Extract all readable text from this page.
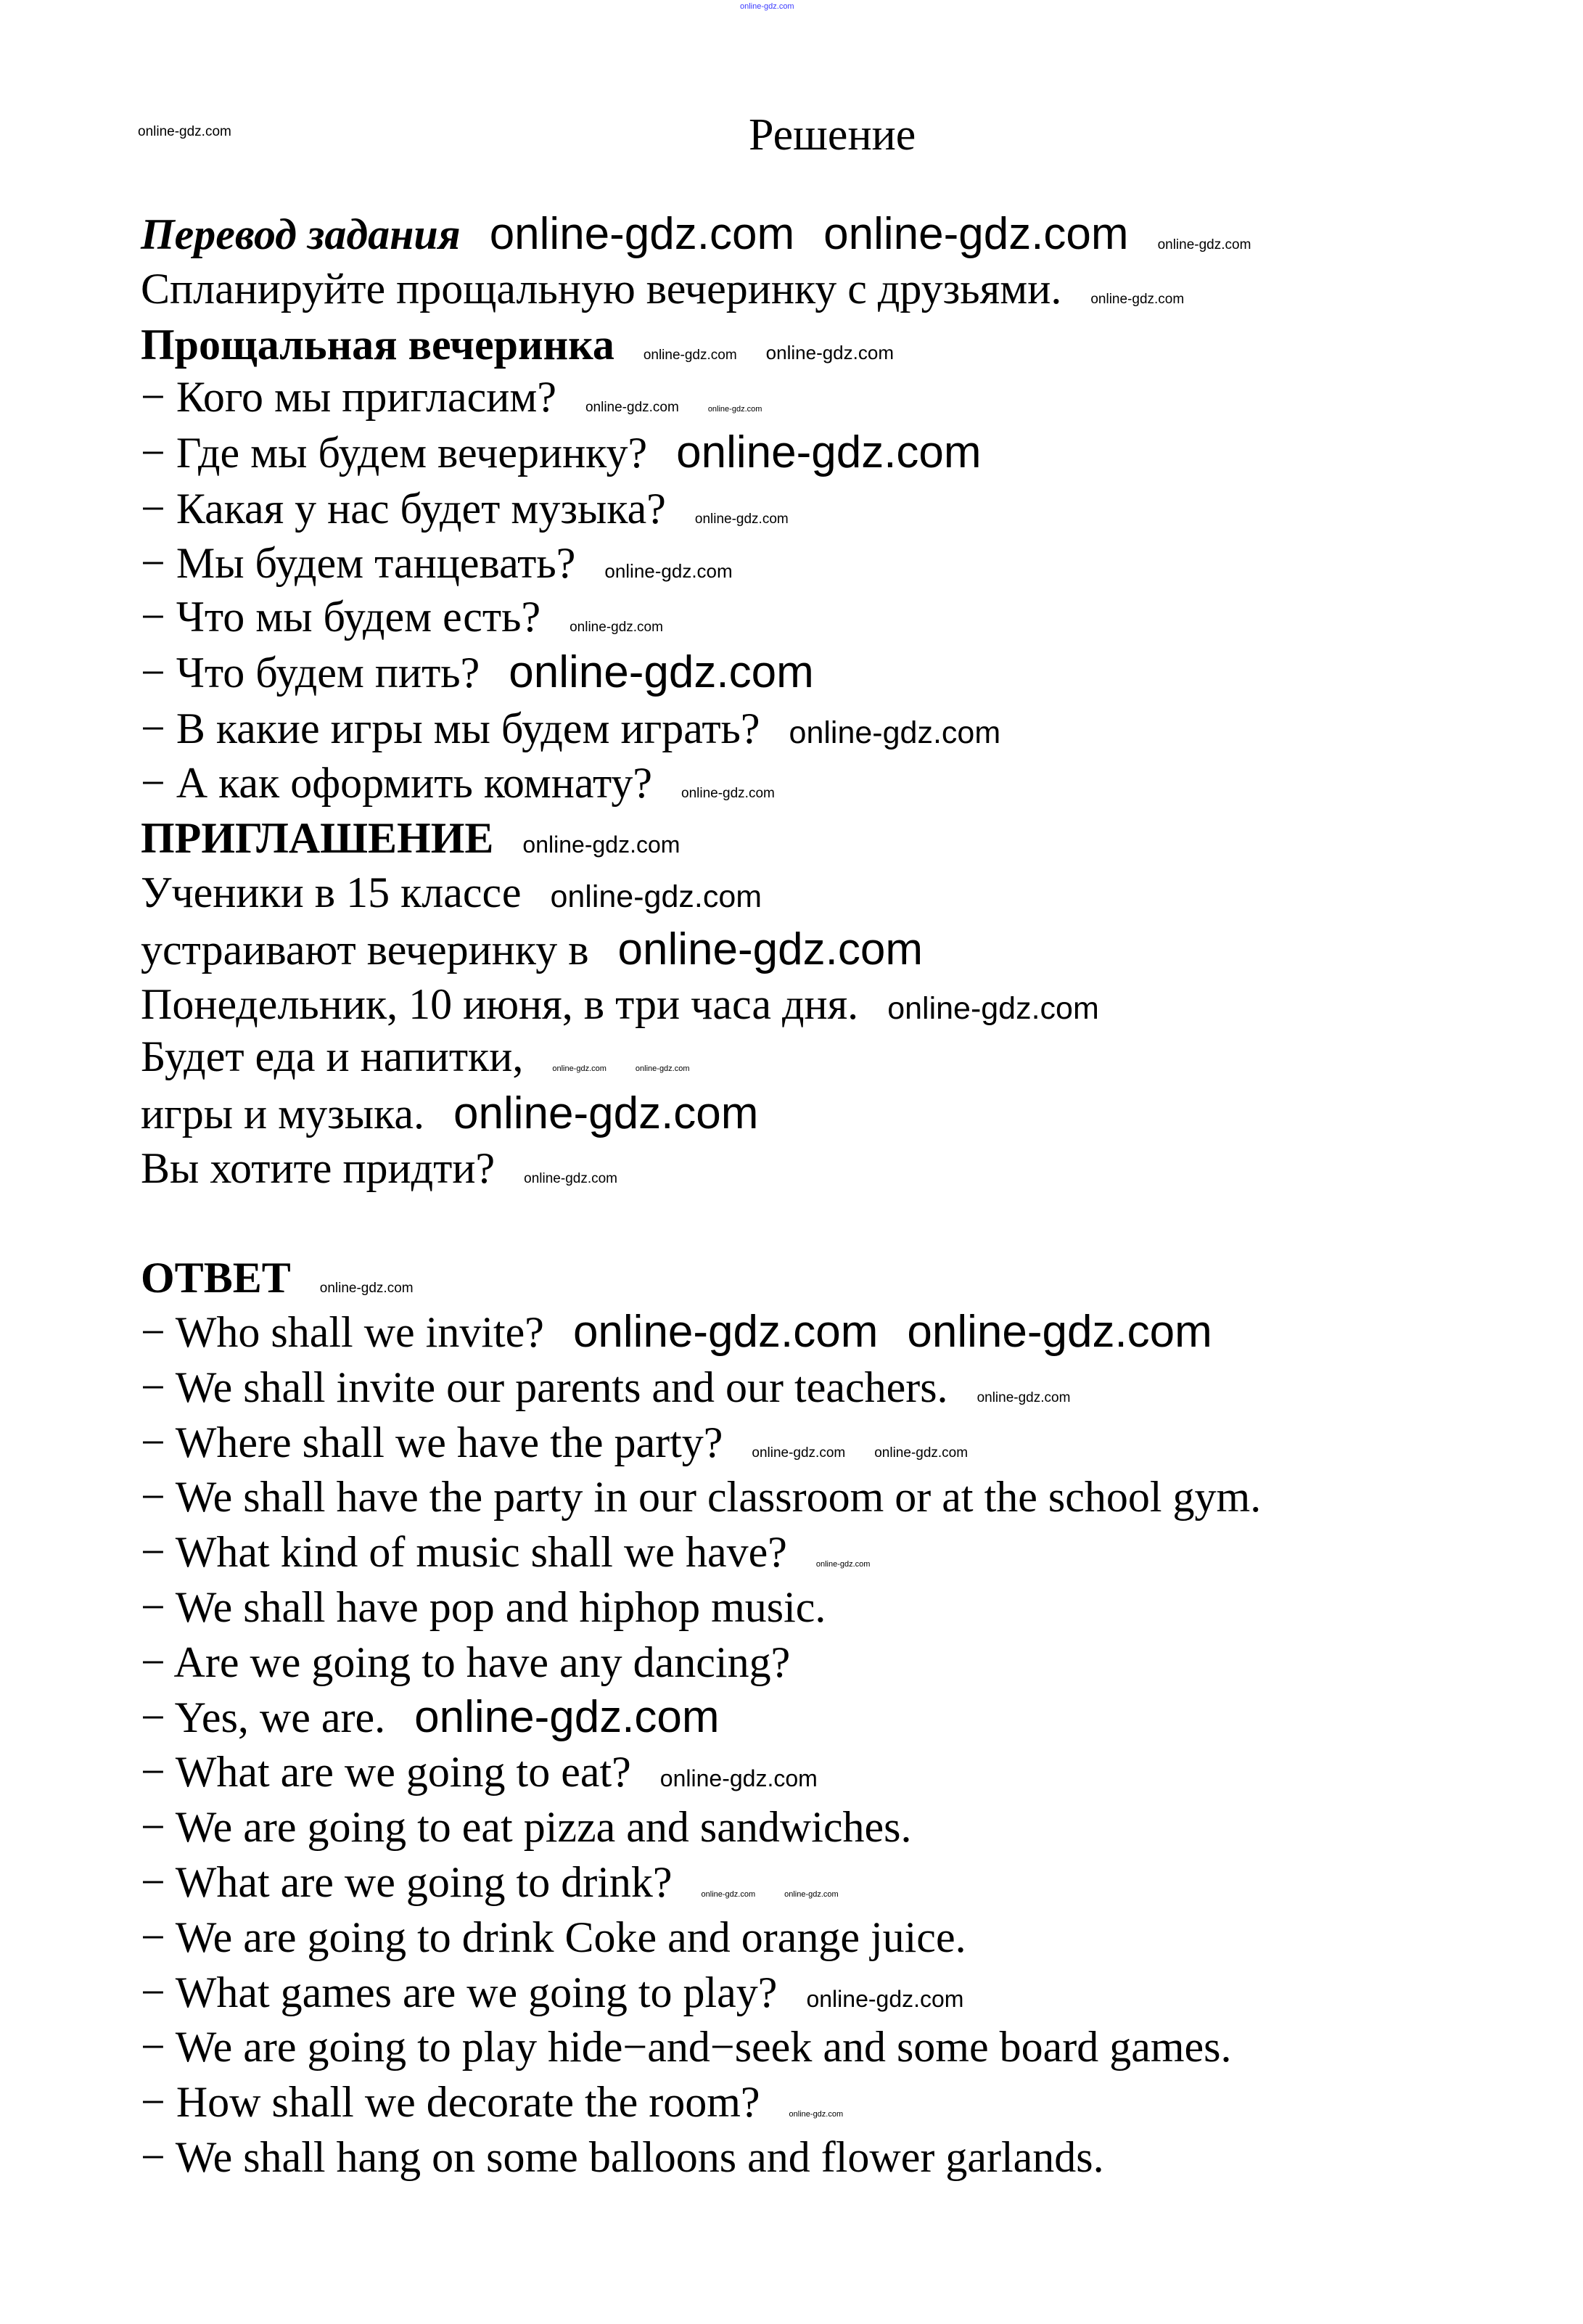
online-gdz.com
online-gdz.com	Решение
Перевод задания online-gdz.com online-gdz.com online-gdz.com
Спланируйте прощальную вечеринку с друзьями. online-gdz.com
Прощальная вечеринка online-gdz.com online-gdz.com
− Кого мы пригласим? online-gdz.com	online-gdz.com
− Где мы будем вечеринку? online-gdz.com
− Какая у нас будет музыка? online-gdz.com
− Мы будем танцевать? online-gdz.com
− Что мы будем есть? online-gdz.com
− Что будем пить? online-gdz.com
− В какие игры мы будем играть? online-gdz.com
− А как оформить комнату? online-gdz.com
ПРИГЛАШЕНИЕ online-gdz.com
Ученики в 15 классе online-gdz.com
устраивают вечеринку в online-gdz.com
Понедельник, 10 июня, в три часа дня. online-gdz.com
Будет еда и напитки,	online-gdz.com	online-gdz.com
игры и музыка. online-gdz.com
Вы хотите придти? online-gdz.com
ОТВЕТ online-gdz.com
− Who shall we invite? online-gdz.com online-gdz.com
− We shall invite our parents and our teachers. online-gdz.com
− Where shall we have the party? online-gdz.com online-gdz.com
− We shall have the party in our classroom or at the school gym.
− What kind of music shall we have?	online-gdz.com
− We shall have pop and hiphop music.
− Are we going to have any dancing?
− Yes, we are. online-gdz.com
− What are we going to eat? online-gdz.com
− We are going to eat pizza and sandwiches.
− What are we going to drink?	online-gdz.com	online-gdz.com
− We are going to drink Coke and orange juice.
− What games are we going to play? online-gdz.com
− We are going to play hide−and−seek and some board games.
− How shall we decorate the room?	online-gdz.com
− We shall hang on some balloons and flower garlands.
